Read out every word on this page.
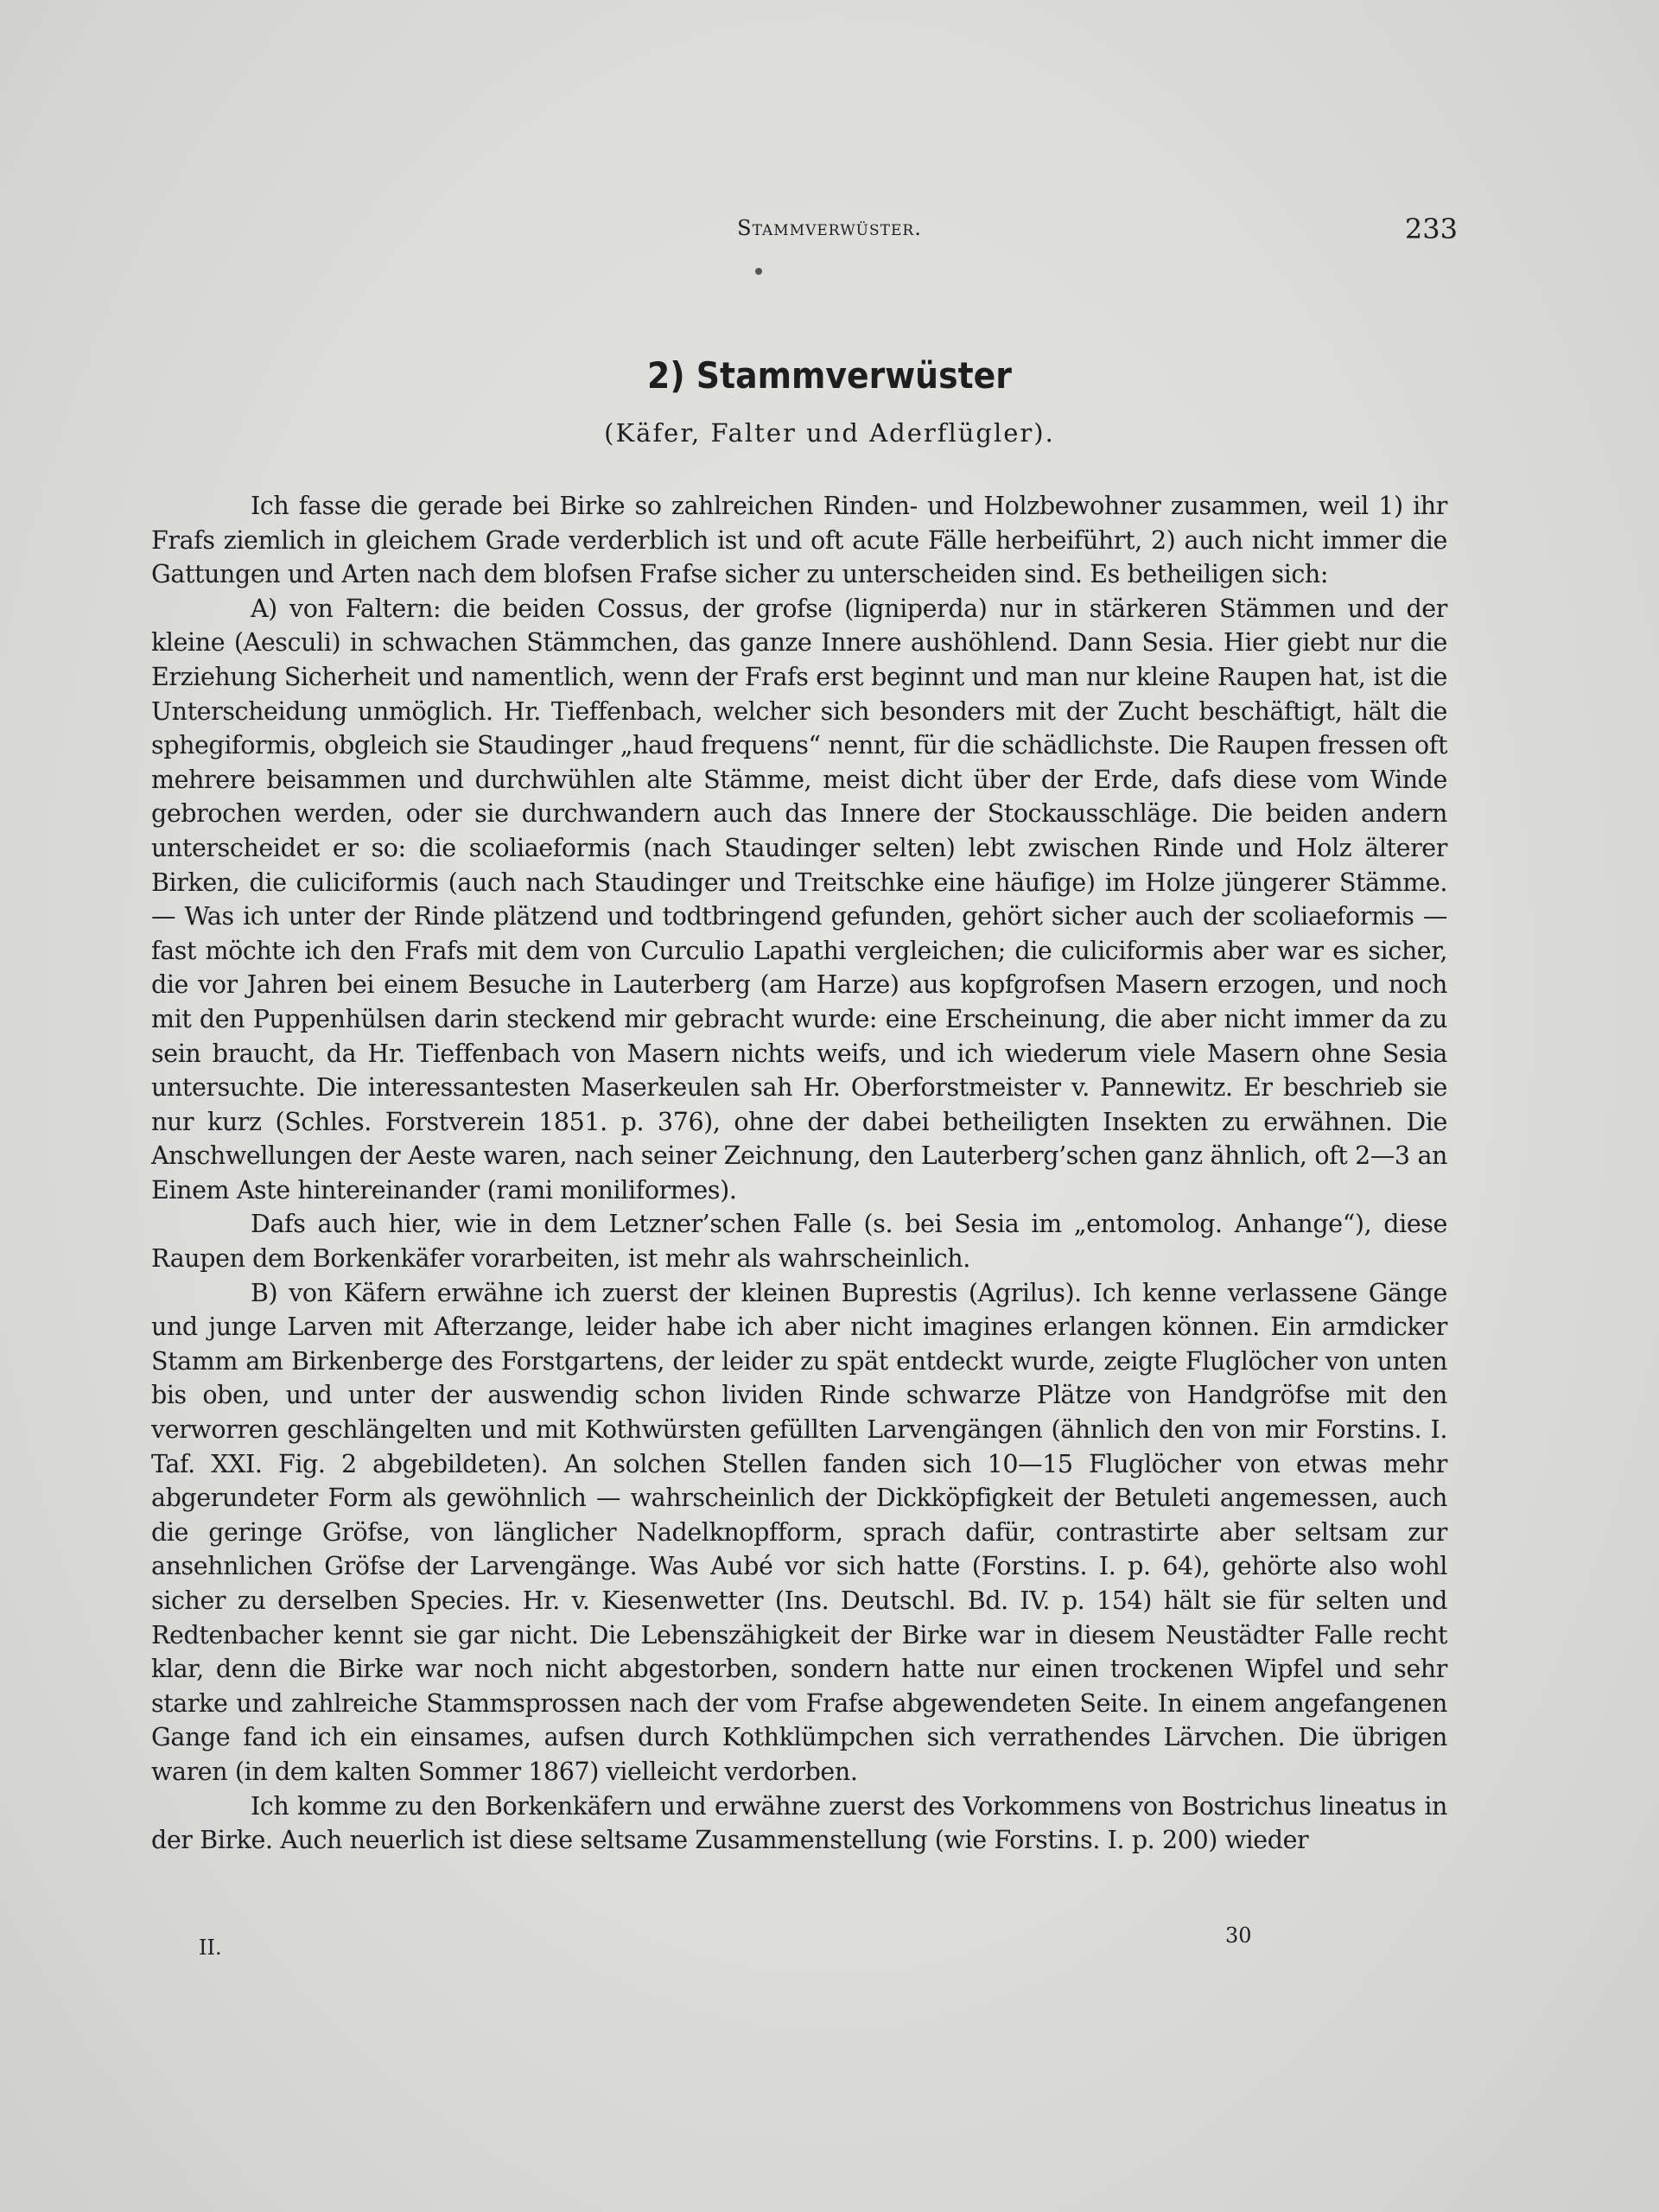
Stammverwüster.	233
2) Stammverwüster
(Käfer, Falter und Aderflügler).

Ich fasse die gerade bei Birke so zahlreichen Rinden- und Holzbewohner zusammen, weil 1) ihr Frafs ziemlich in gleichem Grade verderblich ist und oft acute Fälle herbeiführt, 2) auch nicht immer die Gattungen und Arten nach dem blofsen Frafse sicher zu unterscheiden sind. Es betheiligen sich:

A) von Faltern: die beiden Cossus, der grofse (ligniperda) nur in stärkeren Stämmen und der kleine (Aesculi) in schwachen Stämmchen, das ganze Innere aushöhlend. Dann Sesia. Hier giebt nur die Erziehung Sicherheit und namentlich, wenn der Frafs erst beginnt und man nur kleine Raupen hat, ist die Unterscheidung unmöglich. Hr. Tieffenbach, welcher sich besonders mit der Zucht beschäftigt, hält die sphegiformis, obgleich sie Staudinger „haud frequens“ nennt, für die schädlichste. Die Raupen fressen oft mehrere beisammen und durchwühlen alte Stämme, meist dicht über der Erde, dafs diese vom Winde gebrochen werden, oder sie durchwandern auch das Innere der Stockausschläge. Die beiden andern unterscheidet er so: die scoliaeformis (nach Staudinger selten) lebt zwischen Rinde und Holz älterer Birken, die culiciformis (auch nach Staudinger und Treitschke eine häufige) im Holze jüngerer Stämme. — Was ich unter der Rinde plätzend und todtbringend gefunden, gehört sicher auch der scoliaeformis — fast möchte ich den Frafs mit dem von Curculio Lapathi vergleichen; die culiciformis aber war es sicher, die vor Jahren bei einem Besuche in Lauterberg (am Harze) aus kopfgrofsen Masern erzogen, und noch mit den Puppenhülsen darin steckend mir gebracht wurde: eine Erscheinung, die aber nicht immer da zu sein braucht, da Hr. Tieffenbach von Masern nichts weifs, und ich wiederum viele Masern ohne Sesia untersuchte. Die interessantesten Maserkeulen sah Hr. Oberforstmeister v. Pannewitz. Er beschrieb sie nur kurz (Schles. Forstverein 1851. p. 376), ohne der dabei betheiligten Insekten zu erwähnen. Die Anschwellungen der Aeste waren, nach seiner Zeichnung, den Lauterberg’schen ganz ähnlich, oft 2—3 an Einem Aste hintereinander (rami moniliformes).

Dafs auch hier, wie in dem Letzner’schen Falle (s. bei Sesia im „entomolog. Anhange“), diese Raupen dem Borkenkäfer vorarbeiten, ist mehr als wahrscheinlich.

B) von Käfern erwähne ich zuerst der kleinen Buprestis (Agrilus). Ich kenne verlassene Gänge und junge Larven mit Afterzange, leider habe ich aber nicht imagines erlangen können. Ein armdicker Stamm am Birkenberge des Forstgartens, der leider zu spät entdeckt wurde, zeigte Fluglöcher von unten bis oben, und unter der auswendig schon lividen Rinde schwarze Plätze von Handgröfse mit den verworren geschlängelten und mit Kothwürsten gefüllten Larvengängen (ähnlich den von mir Forstins. I. Taf. XXI. Fig. 2 abgebildeten). An solchen Stellen fanden sich 10—15 Fluglöcher von etwas mehr abgerundeter Form als gewöhnlich — wahrscheinlich der Dickköpfigkeit der Betuleti angemessen, auch die geringe Gröfse, von länglicher Nadelknopfform, sprach dafür, contrastirte aber seltsam zur ansehnlichen Gröfse der Larvengänge. Was Aubé vor sich hatte (Forstins. I. p. 64), gehörte also wohl sicher zu derselben Species. Hr. v. Kiesenwetter (Ins. Deutschl. Bd. IV. p. 154) hält sie für selten und Redtenbacher kennt sie gar nicht. Die Lebenszähigkeit der Birke war in diesem Neustädter Falle recht klar, denn die Birke war noch nicht abgestorben, sondern hatte nur einen trockenen Wipfel und sehr starke und zahlreiche Stammsprossen nach der vom Frafse abgewendeten Seite. In einem angefangenen Gange fand ich ein einsames, aufsen durch Kothklümpchen sich verrathendes Lärvchen. Die übrigen waren (in dem kalten Sommer 1867) vielleicht verdorben.

Ich komme zu den Borkenkäfern und erwähne zuerst des Vorkommens von Bostrichus lineatus in der Birke. Auch neuerlich ist diese seltsame Zusammenstellung (wie Forstins. I. p. 200) wieder

II.	30
